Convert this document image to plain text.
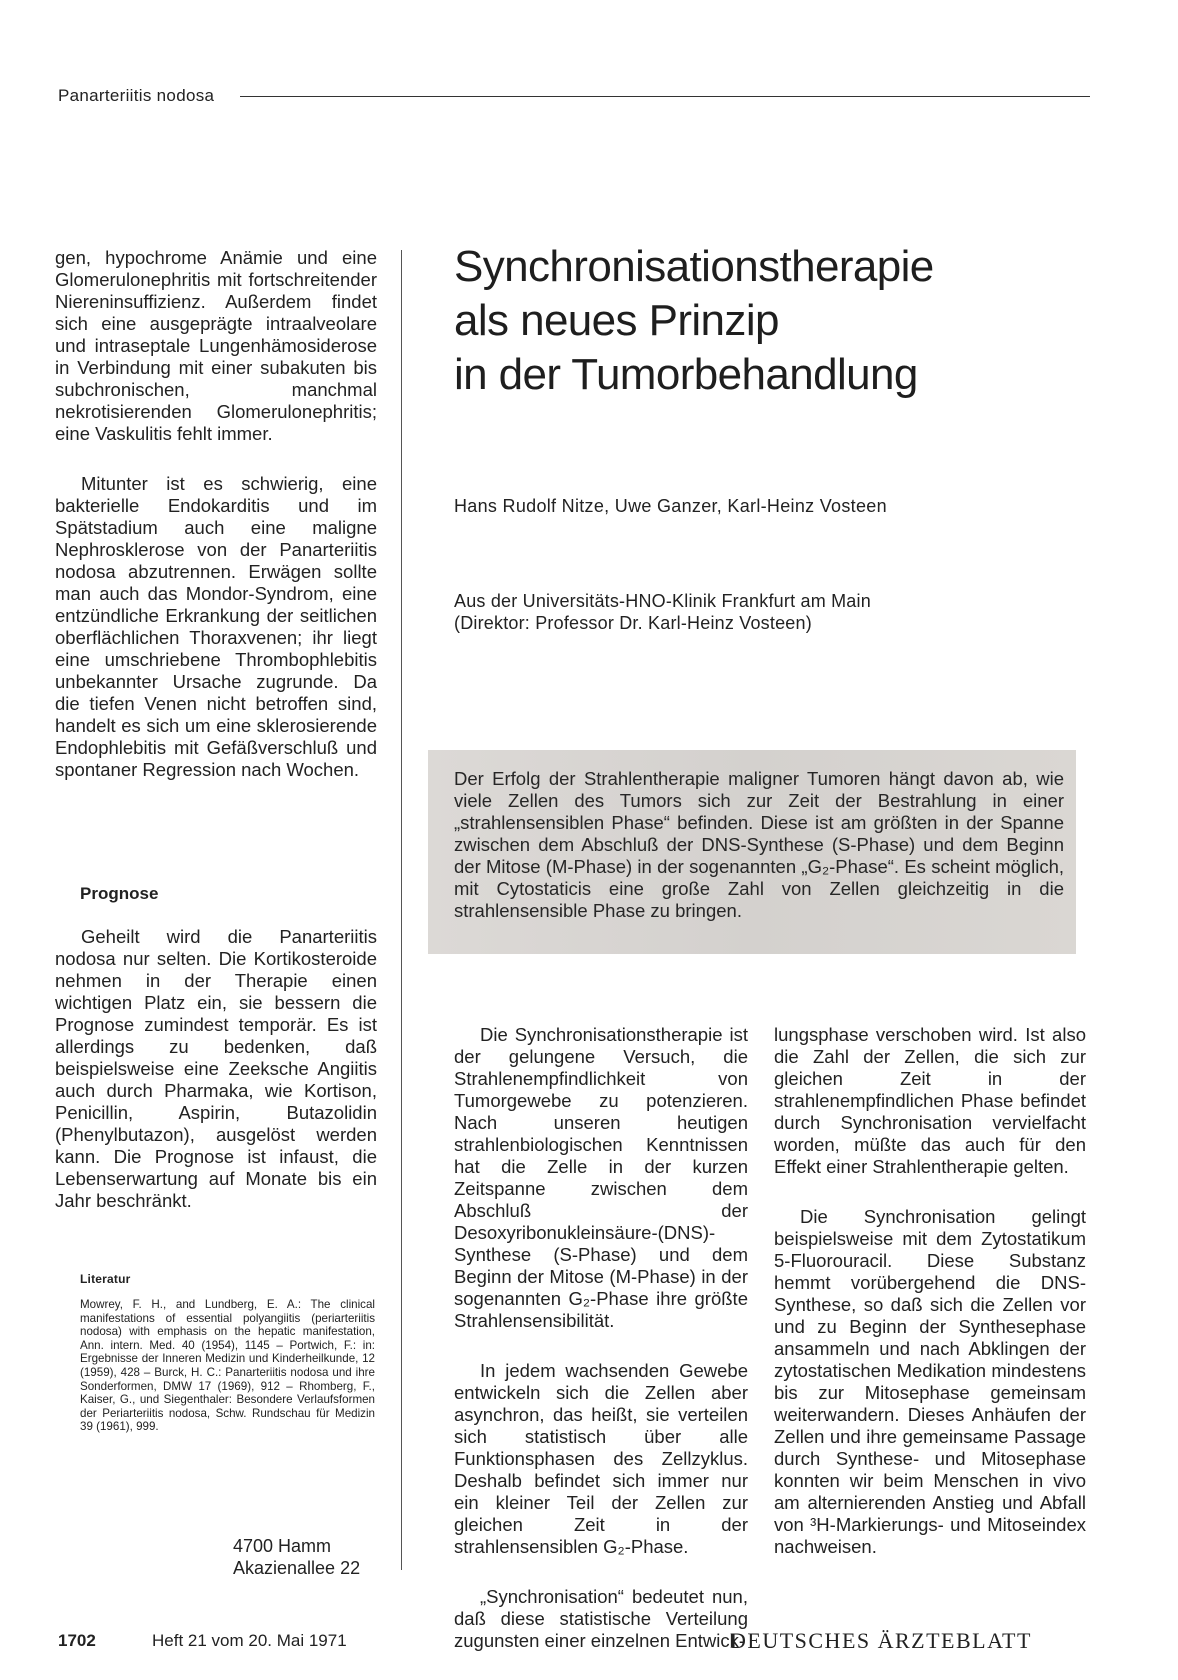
Panarteriitis nodosa

gen, hypochrome Anämie und eine Glomerulonephritis mit fortschreitender Niereninsuffizienz. Außerdem findet sich eine ausgeprägte intraalveolare und intraseptale Lungenhämosiderose in Verbindung mit einer subakuten bis subchronischen, manchmal nekrotisierenden Glomerulonephritis; eine Vaskulitis fehlt immer.

Mitunter ist es schwierig, eine bakterielle Endokarditis und im Spätstadium auch eine maligne Nephrosklerose von der Panarteriitis nodosa abzutrennen. Erwägen sollte man auch das Mondor-Syndrom, eine entzündliche Erkrankung der seitlichen oberflächlichen Thoraxvenen; ihr liegt eine umschriebene Thrombophlebitis unbekannter Ursache zugrunde. Da die tiefen Venen nicht betroffen sind, handelt es sich um eine sklerosierende Endophlebitis mit Gefäßverschluß und spontaner Regression nach Wochen.

Prognose

Geheilt wird die Panarteriitis nodosa nur selten. Die Kortikosteroide nehmen in der Therapie einen wichtigen Platz ein, sie bessern die Prognose zumindest temporär. Es ist allerdings zu bedenken, daß beispielsweise eine Zeeksche Angiitis auch durch Pharmaka, wie Kortison, Penicillin, Aspirin, Butazolidin (Phenylbutazon), ausgelöst werden kann. Die Prognose ist infaust, die Lebenserwartung auf Monate bis ein Jahr beschränkt.

Literatur
Mowrey, F. H., and Lundberg, E. A.: The clinical manifestations of essential polyangiitis (periarteriitis nodosa) with emphasis on the hepatic manifestation, Ann. intern. Med. 40 (1954), 1145 – Portwich, F.: in: Ergebnisse der Inneren Medizin und Kinderheilkunde, 12 (1959), 428 – Burck, H. C.: Panarteriitis nodosa und ihre Sonderformen, DMW 17 (1969), 912 – Rhomberg, F., Kaiser, G., und Siegenthaler: Besondere Verlaufsformen der Periarteriitis nodosa, Schw. Rundschau für Medizin 39 (1961), 999.
4700 Hamm
Akazienallee 22
Synchronisationstherapie
als neues Prinzip
in der Tumorbehandlung
Hans Rudolf Nitze, Uwe Ganzer, Karl-Heinz Vosteen
Aus der Universitäts-HNO-Klinik Frankfurt am Main
(Direktor: Professor Dr. Karl-Heinz Vosteen)
Der Erfolg der Strahlentherapie maligner Tumoren hängt davon ab, wie viele Zellen des Tumors sich zur Zeit der Bestrahlung in einer „strahlensensiblen Phase“ befinden. Diese ist am größten in der Spanne zwischen dem Abschluß der DNS-Synthese (S-Phase) und dem Beginn der Mitose (M-Phase) in der sogenannten „G₂-Phase“. Es scheint möglich, mit Cytostaticis eine große Zahl von Zellen gleichzeitig in die strahlensensible Phase zu bringen.

Die Synchronisationstherapie ist der gelungene Versuch, die Strahlenempfindlichkeit von Tumorgewebe zu potenzieren. Nach unseren heutigen strahlenbiologischen Kenntnissen hat die Zelle in der kurzen Zeitspanne zwischen dem Abschluß der Desoxyribonukleinsäure-(DNS)-Synthese (S-Phase) und dem Beginn der Mitose (M-Phase) in der sogenannten G₂-Phase ihre größte Strahlensensibilität.

In jedem wachsenden Gewebe entwickeln sich die Zellen aber asynchron, das heißt, sie verteilen sich statistisch über alle Funktionsphasen des Zellzyklus. Deshalb befindet sich immer nur ein kleiner Teil der Zellen zur gleichen Zeit in der strahlensensiblen G₂-Phase.

„Synchronisation“ bedeutet nun, daß diese statistische Verteilung zugunsten einer einzelnen Entwick-

lungsphase verschoben wird. Ist also die Zahl der Zellen, die sich zur gleichen Zeit in der strahlenempfindlichen Phase befindet durch Synchronisation vervielfacht worden, müßte das auch für den Effekt einer Strahlentherapie gelten.

Die Synchronisation gelingt beispielsweise mit dem Zytostatikum 5-Fluorouracil. Diese Substanz hemmt vorübergehend die DNS-Synthese, so daß sich die Zellen vor und zu Beginn der Synthesephase ansammeln und nach Abklingen der zytostatischen Medikation mindestens bis zur Mitosephase gemeinsam weiterwandern. Dieses Anhäufen der Zellen und ihre gemeinsame Passage durch Synthese- und Mitosephase konnten wir beim Menschen in vivo am alternierenden Anstieg und Abfall von ³H-Markierungs- und Mitoseindex nachweisen.

1702	Heft 21 vom 20. Mai 1971	DEUTSCHES ÄRZTEBLATT
